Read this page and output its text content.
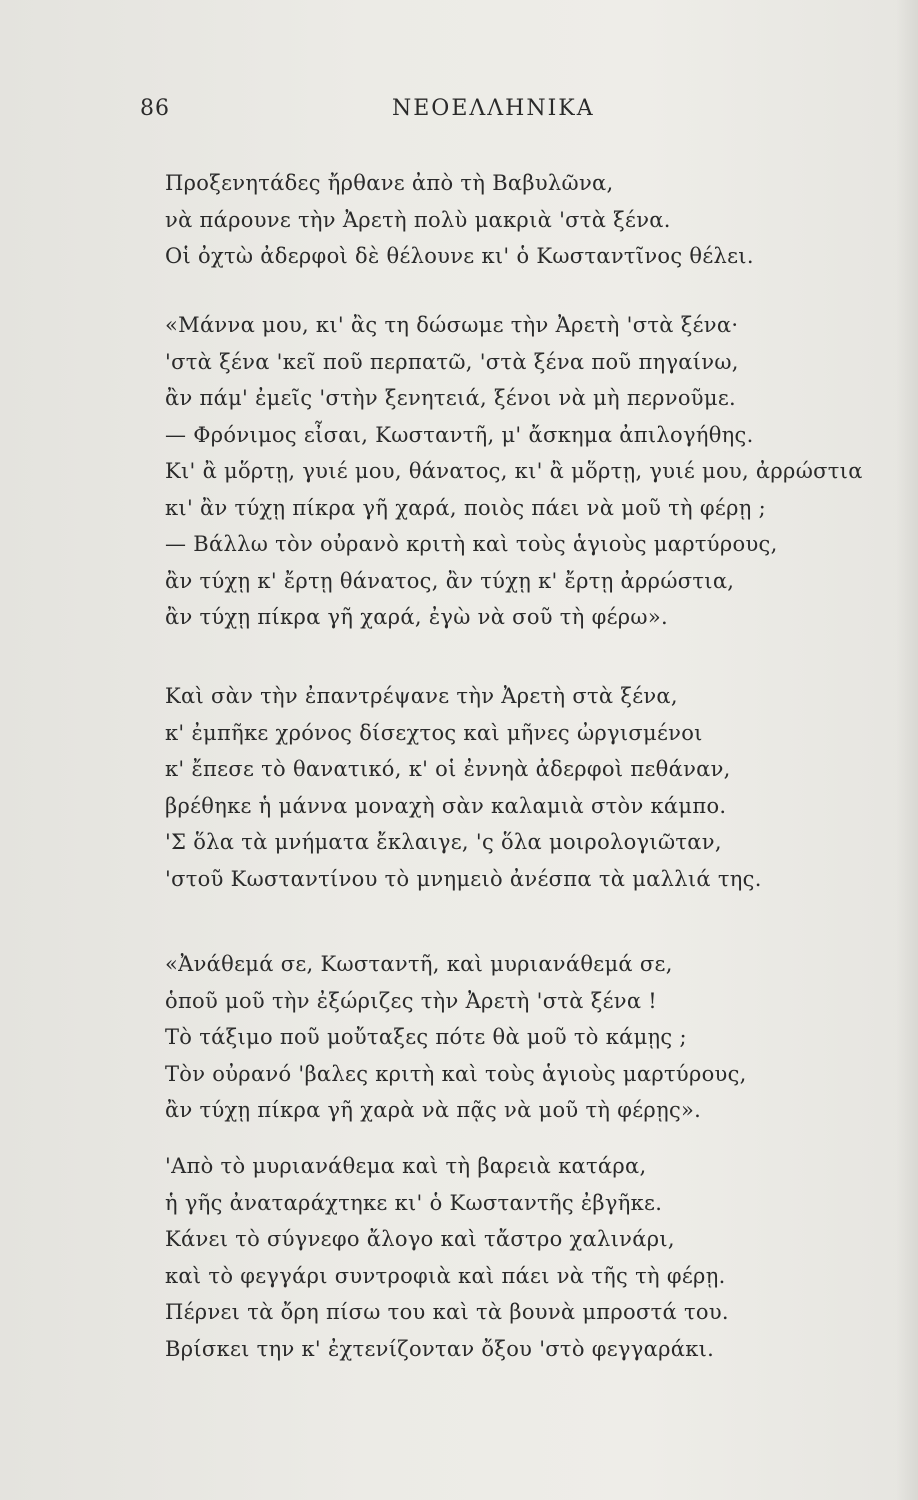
86	ΝΕΟΕΛΛΗΝΙΚΑ
Προξενητάδες ἤρθανε ἀπὸ τὴ Βαβυλῶνα,
νὰ πάρουνε τὴν Ἀρετὴ πολὺ μακριὰ 'στὰ ξένα.
Οἱ ὀχτὼ ἀδερφοὶ δὲ θέλουνε κι' ὁ Κωσταντῖνος θέλει.
«Μάννα μου, κι' ἂς τη δώσωμε τὴν Ἀρετὴ 'στὰ ξένα·
'στὰ ξένα 'κεῖ ποῦ περπατῶ, 'στὰ ξένα ποῦ πηγαίνω,
ἂν πάμ' ἐμεῖς 'στὴν ξενητειά, ξένοι νὰ μὴ περνοῦμε.
— Φρόνιμος εἶσαι, Κωσταντῆ, μ' ἄσκημα ἀπιλογήθης.
Κι' ἂ μὅρτῃ, γυιέ μου, θάνατος, κι' ἂ μὅρτῃ, γυιέ μου, ἀρρώστια
κι' ἂν τύχῃ πίκρα γῆ χαρά, ποιὸς πάει νὰ μοῦ τὴ φέρῃ ;
— Βάλλω τὸν οὐρανὸ κριτὴ καὶ τοὺς ἁγιοὺς μαρτύρους,
ἂν τύχῃ κ' ἔρτῃ θάνατος, ἂν τύχῃ κ' ἔρτῃ ἀρρώστια,
ἂν τύχῃ πίκρα γῆ χαρά, ἐγὼ νὰ σοῦ τὴ φέρω».
Καὶ σὰν τὴν ἐπαντρέψανε τὴν Ἀρετὴ στὰ ξένα,
κ' ἐμπῆκε χρόνος δίσεχτος καὶ μῆνες ὠργισμένοι
κ' ἔπεσε τὸ θανατικό, κ' οἱ ἐννηὰ ἀδερφοὶ πεθάναν,
βρέθηκε ἡ μάννα μοναχὴ σὰν καλαμιὰ στὸν κάμπο.
'Σ ὅλα τὰ μνήματα ἔκλαιγε, 'ς ὅλα μοιρολογιῶταν,
'στοῦ Κωσταντίνου τὸ μνημειὸ ἀνέσπα τὰ μαλλιά της.
«Ἀνάθεμά σε, Κωσταντῆ, καὶ μυριανάθεμά σε,
ὁποῦ μοῦ τὴν ἐξώριζες τὴν Ἀρετὴ 'στὰ ξένα !
Τὸ τάξιμο ποῦ μοὔταξες πότε θὰ μοῦ τὸ κάμῃς ;
Τὸν οὐρανό 'βαλες κριτὴ καὶ τοὺς ἁγιοὺς μαρτύρους,
ἂν τύχῃ πίκρα γῆ χαρὰ νὰ πᾷς νὰ μοῦ τὴ φέρῃς».
'Απὸ τὸ μυριανάθεμα καὶ τὴ βαρειὰ κατάρα,
ἡ γῆς ἀναταράχτηκε κι' ὁ Κωσταντῆς ἐβγῆκε.
Κάνει τὸ σύγνεφο ἄλογο καὶ τἄστρο χαλινάρι,
καὶ τὸ φεγγάρι συντροφιὰ καὶ πάει νὰ τῆς τὴ φέρῃ.
Πέρνει τὰ ὄρη πίσω του καὶ τὰ βουνὰ μπροστά του.
Βρίσκει την κ' ἐχτενίζονταν ὄξου 'στὸ φεγγαράκι.
